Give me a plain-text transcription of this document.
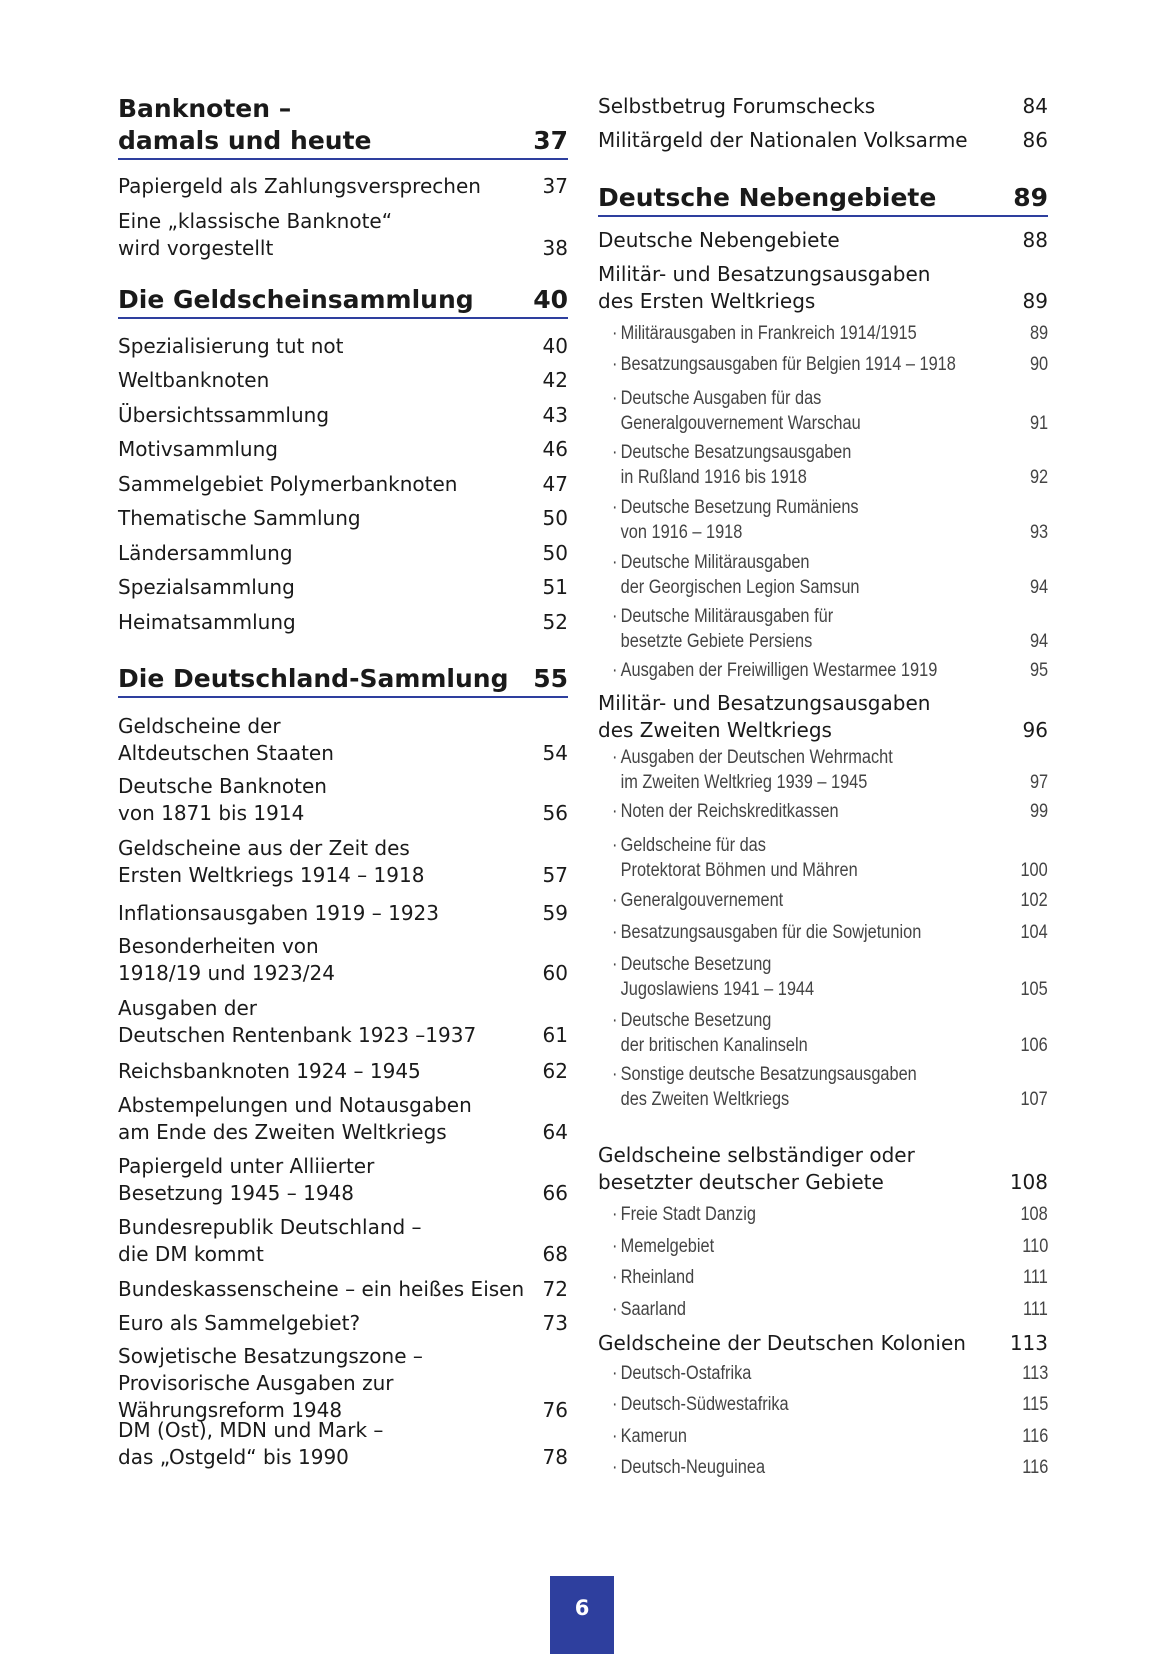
Banknoten –
damals und heute	37
Papiergeld als Zahlungsversprechen	37
Eine „klassische Banknote“
wird vorgestellt	38
Die Geldscheinsammlung 40
Spezialisierung tut not	40
Weltbanknoten	42
Übersichtssammlung	43
Motivsammlung	46
Sammelgebiet Polymerbanknoten	47
Thematische Sammlung	50
Ländersammlung	50
Spezialsammlung	51
Heimatsammlung	52
Die Deutschland-Sammlung 55
Geldscheine der
Altdeutschen Staaten	54
Deutsche Banknoten
von 1871 bis 1914	56
Geldscheine aus der Zeit des
Ersten Weltkriegs 1914 – 1918	57
Inflationsausgaben 1919 – 1923	59
Besonderheiten von
1918/19 und 1923/24	60
Ausgaben der
Deutschen Rentenbank 1923 –1937	61
Reichsbanknoten 1924 – 1945	62
Abstempelungen und Notausgaben
am Ende des Zweiten Weltkriegs	64
Papiergeld unter Alliierter
Besetzung 1945 – 1948	66
Bundesrepublik Deutschland –
die DM kommt	68
Bundeskassenscheine – ein heißes Eisen 72
Euro als Sammelgebiet?	73
Sowjetische Besatzungszone –
Provisorische Ausgaben zur
Währungsreform 1948	76
DM (Ost), MDN und Mark –
das „Ostgeld“ bis 1990	78
Selbstbetrug Forumschecks	84
Militärgeld der Nationalen Volksarme	86
Deutsche Nebengebiete	89
Deutsche Nebengebiete	88
Militär- und Besatzungsausgaben
des Ersten Weltkriegs	89
· Militärausgaben in Frankreich 1914/1915	89
· Besatzungsausgaben für Belgien 1914 – 1918	90
· Deutsche Ausgaben für das
Generalgouvernement Warschau	91
· Deutsche Besatzungsausgaben
in Rußland 1916 bis 1918	92
· Deutsche Besetzung Rumäniens
von 1916 – 1918	93
· Deutsche Militärausgaben
der Georgischen Legion Samsun	94
· Deutsche Militärausgaben für
besetzte Gebiete Persiens	94
· Ausgaben der Freiwilligen Westarmee 1919	95
Militär- und Besatzungsausgaben
des Zweiten Weltkriegs	96
· Ausgaben der Deutschen Wehrmacht
im Zweiten Weltkrieg 1939 – 1945	97
· Noten der Reichskreditkassen	99
· Geldscheine für das
Protektorat Böhmen und Mähren	100
· Generalgouvernement	102
· Besatzungsausgaben für die Sowjetunion	104
· Deutsche Besetzung
Jugoslawiens 1941 – 1944	105
· Deutsche Besetzung
der britischen Kanalinseln	106
· Sonstige deutsche Besatzungsausgaben
des Zweiten Weltkriegs	107
Geldscheine selbständiger oder
besetzter deutscher Gebiete	108
· Freie Stadt Danzig	108
· Memelgebiet	110
· Rheinland	111
· Saarland	111
Geldscheine der Deutschen Kolonien 113
· Deutsch-Ostafrika	113
· Deutsch-Südwestafrika	115
· Kamerun	116
· Deutsch-Neuguinea	116
6
